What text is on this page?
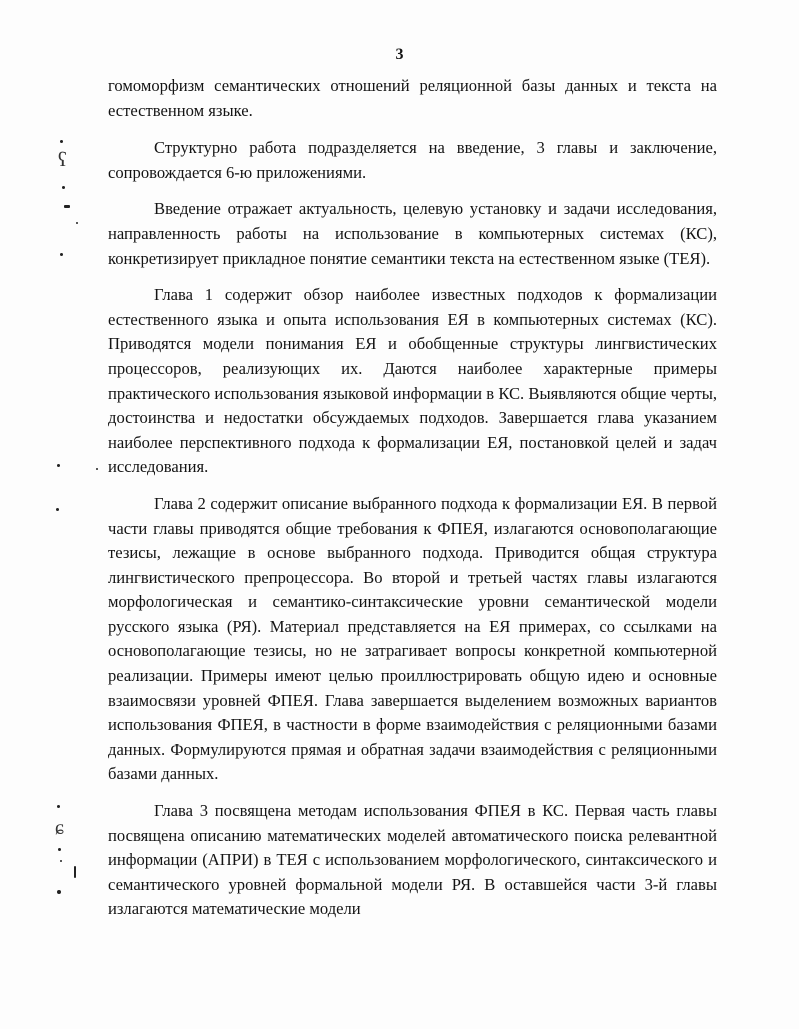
3

гомоморфизм семантических отношений реляционной базы данных и текста на естественном языке.

Структурно работа подразделяется на введение, 3 главы и заключение, сопровождается 6-ю приложениями.

Введение отражает актуальность, целевую установку и задачи исследования, направленность работы на использование в компьютерных системах (КС), конкретизирует прикладное понятие семантики текста на естественном языке (ТЕЯ).

Глава 1 содержит обзор наиболее известных подходов к формализации естественного языка и опыта использования ЕЯ в компьютерных системах (КС). Приводятся модели понимания ЕЯ и обобщенные структуры лингвистических процессоров, реализующих их. Даются наиболее характерные примеры практического использования языковой информации в КС. Выявляются общие черты, достоинства и недостатки обсуждаемых подходов. Завершается глава указанием наиболее перспективного подхода к формализации ЕЯ, постановкой целей и задач исследования.

Глава 2 содержит описание выбранного подхода к формализации ЕЯ. В первой части главы приводятся общие требования к ФПЕЯ, излагаются основополагающие тезисы, лежащие в основе выбранного подхода. Приводится общая структура лингвистического препроцессора. Во второй и третьей частях главы излагаются морфологическая и семантико-синтаксические уровни семантической модели русского языка (РЯ). Материал представляется на ЕЯ примерах, со ссылками на основополагающие тезисы, но не затрагивает вопросы конкретной компьютерной реализации. Примеры имеют целью проиллюстрировать общую идею и основные взаимосвязи уровней ФПЕЯ. Глава завершается выделением возможных вариантов использования ФПЕЯ, в частности в форме взаимодействия с реляционными базами данных. Формулируются прямая и обратная задачи взаимодействия с реляционными базами данных.

Глава 3 посвящена методам использования ФПЕЯ в КС. Первая часть главы посвящена описанию математических моделей автоматического поиска релевантной информации (АПРИ) в ТЕЯ с использованием морфологического, синтаксического и семантического уровней формальной модели РЯ. В оставшейся части 3-й главы излагаются математические модели

ʕ
ɕ
